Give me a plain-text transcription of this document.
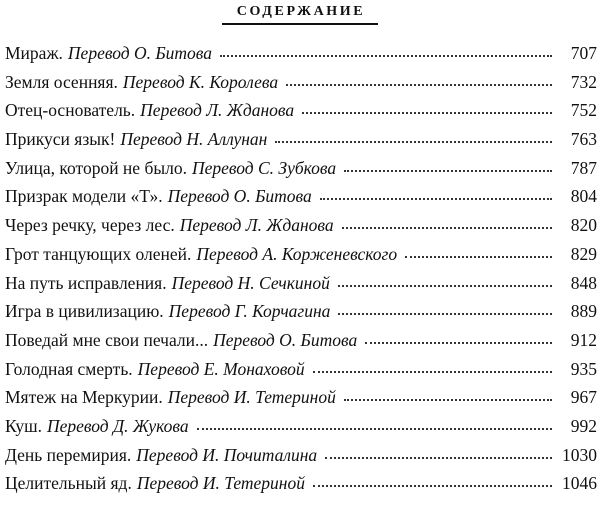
СОДЕРЖАНИЕ
Мираж. Перевод О. Битова	707
Земля осенняя. Перевод К. Королева	732
Отец-основатель. Перевод Л. Жданова	752
Прикуси язык! Перевод Н. Аллунан	763
Улица, которой не было. Перевод С. Зубкова	787
Призрак модели «Т». Перевод О. Битова	804
Через речку, через лес. Перевод Л. Жданова	820
Грот танцующих оленей. Перевод А. Корженевского	829
На путь исправления. Перевод Н. Сечкиной	848
Игра в цивилизацию. Перевод Г. Корчагина	889
Поведай мне свои печали... Перевод О. Битова	912
Голодная смерть. Перевод Е. Монаховой	935
Мятеж на Меркурии. Перевод И. Тетериной	967
Куш. Перевод Д. Жукова	992
День перемирия. Перевод И. Почиталина	1030
Целительный яд. Перевод И. Тетериной	1046
